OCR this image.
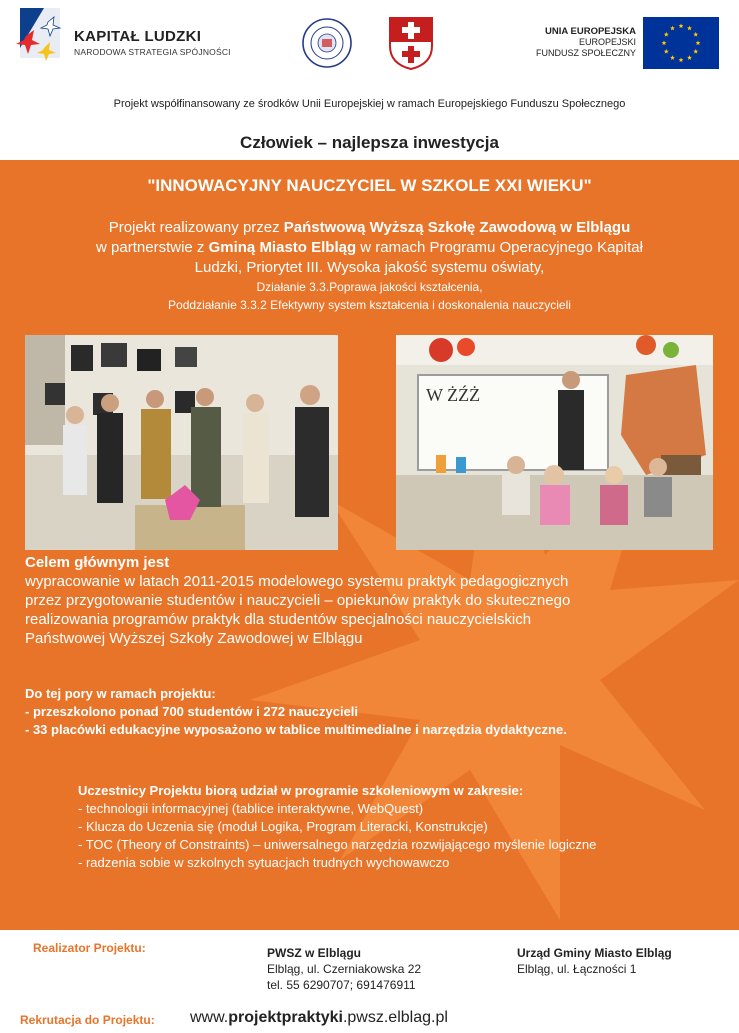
KAPITAŁ LUDZKI
NARODOWA STRATEGIA SPÓJNOŚCI
UNIA EUROPEJSKA
EUROPEJSKI
FUNDUSZ SPOŁECZNY
Projekt współfinansowany ze środków Unii Europejskiej w ramach Europejskiego Funduszu Społecznego
Człowiek – najlepsza inwestycja
"INNOWACYJNY NAUCZYCIEL W SZKOLE XXI WIEKU"
Projekt realizowany przez Państwową Wyższą Szkołę Zawodową w Elblągu
w partnerstwie z Gminą Miasto Elbląg w ramach Programu Operacyjnego Kapitał
Ludzki, Priorytet III. Wysoka jakość systemu oświaty,
Działanie 3.3.Poprawa jakości kształcenia,
Poddziałanie 3.3.2 Efektywny system kształcenia i doskonalenia nauczycieli
W ŻŹŻ
Celem głównym jest
wypracowanie w latach 2011-2015 modelowego systemu praktyk pedagogicznych
przez przygotowanie studentów i nauczycieli – opiekunów praktyk do skutecznego
realizowania programów praktyk dla studentów specjalności nauczycielskich
Państwowej Wyższej Szkoły Zawodowej w Elblągu
Do tej pory w ramach projektu:
- przeszkolono ponad 700 studentów i 272 nauczycieli
- 33 placówki edukacyjne wyposażono w tablice multimedialne i narzędzia dydaktyczne.
Uczestnicy Projektu biorą udział w programie szkoleniowym w zakresie:
- technologii informacyjnej (tablice interaktywne, WebQuest)
- Klucza do Uczenia się (moduł Logika, Program Literacki, Konstrukcje)
- TOC (Theory of Constraints) – uniwersalnego narzędzia rozwijającego myślenie logiczne
- radzenia sobie w szkolnych sytuacjach trudnych wychowawczo
Realizator Projektu:	PWSZ w Elblągu
Elbląg, ul. Czerniakowska 22
tel. 55 6290707; 691476911
Urząd Gminy Miasto Elbląg
Elbląg, ul. Łączności 1
Rekrutacja do Projektu: www.projektpraktyki.pwsz.elblag.pl
